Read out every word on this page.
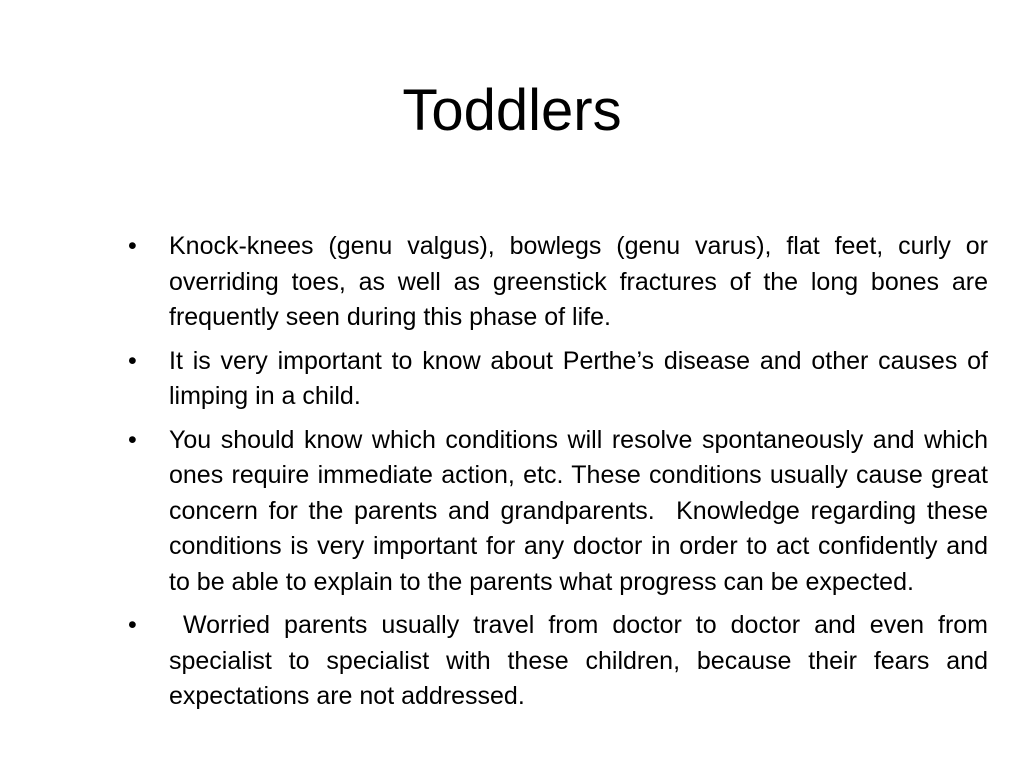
Toddlers
•	Knock-knees (genu valgus), bowlegs (genu varus), flat feet, curly or overriding toes, as well as greenstick fractures of the long bones are frequently seen during this phase of life.
•	It is very important to know about Perthe’s disease and other causes of limping in a child.
•	You should know which conditions will resolve spontaneously and which ones require immediate action, etc. These conditions usually cause great concern for the parents and grandparents.  Knowledge regarding these conditions is very important for any doctor in order to act confidently and to be able to explain to the parents what progress can be expected.
•	Worried parents usually travel from doctor to doctor and even from specialist to specialist with these children, because their fears and expectations are not addressed.
